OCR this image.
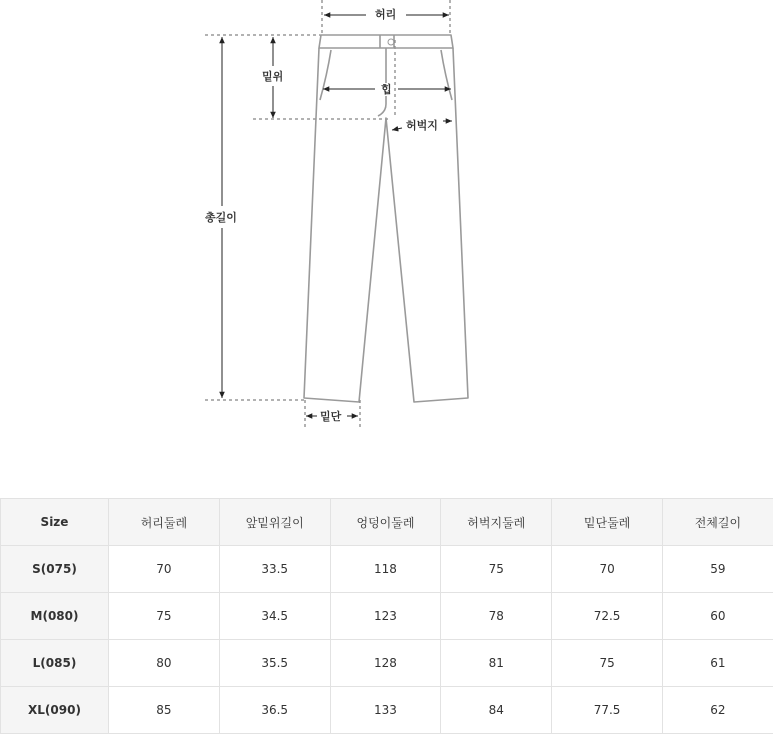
허리
밑위
힙
허벅지
총길이
밑단
Size	허리둘레	앞밑위길이	엉덩이둘레	허벅지둘레	밑단둘레	전체길이
S(075)	70	33.5	118	75	70	59
M(080)	75	34.5	123	78	72.5	60
L(085)	80	35.5	128	81	75	61
XL(090)	85	36.5	133	84	77.5	62
